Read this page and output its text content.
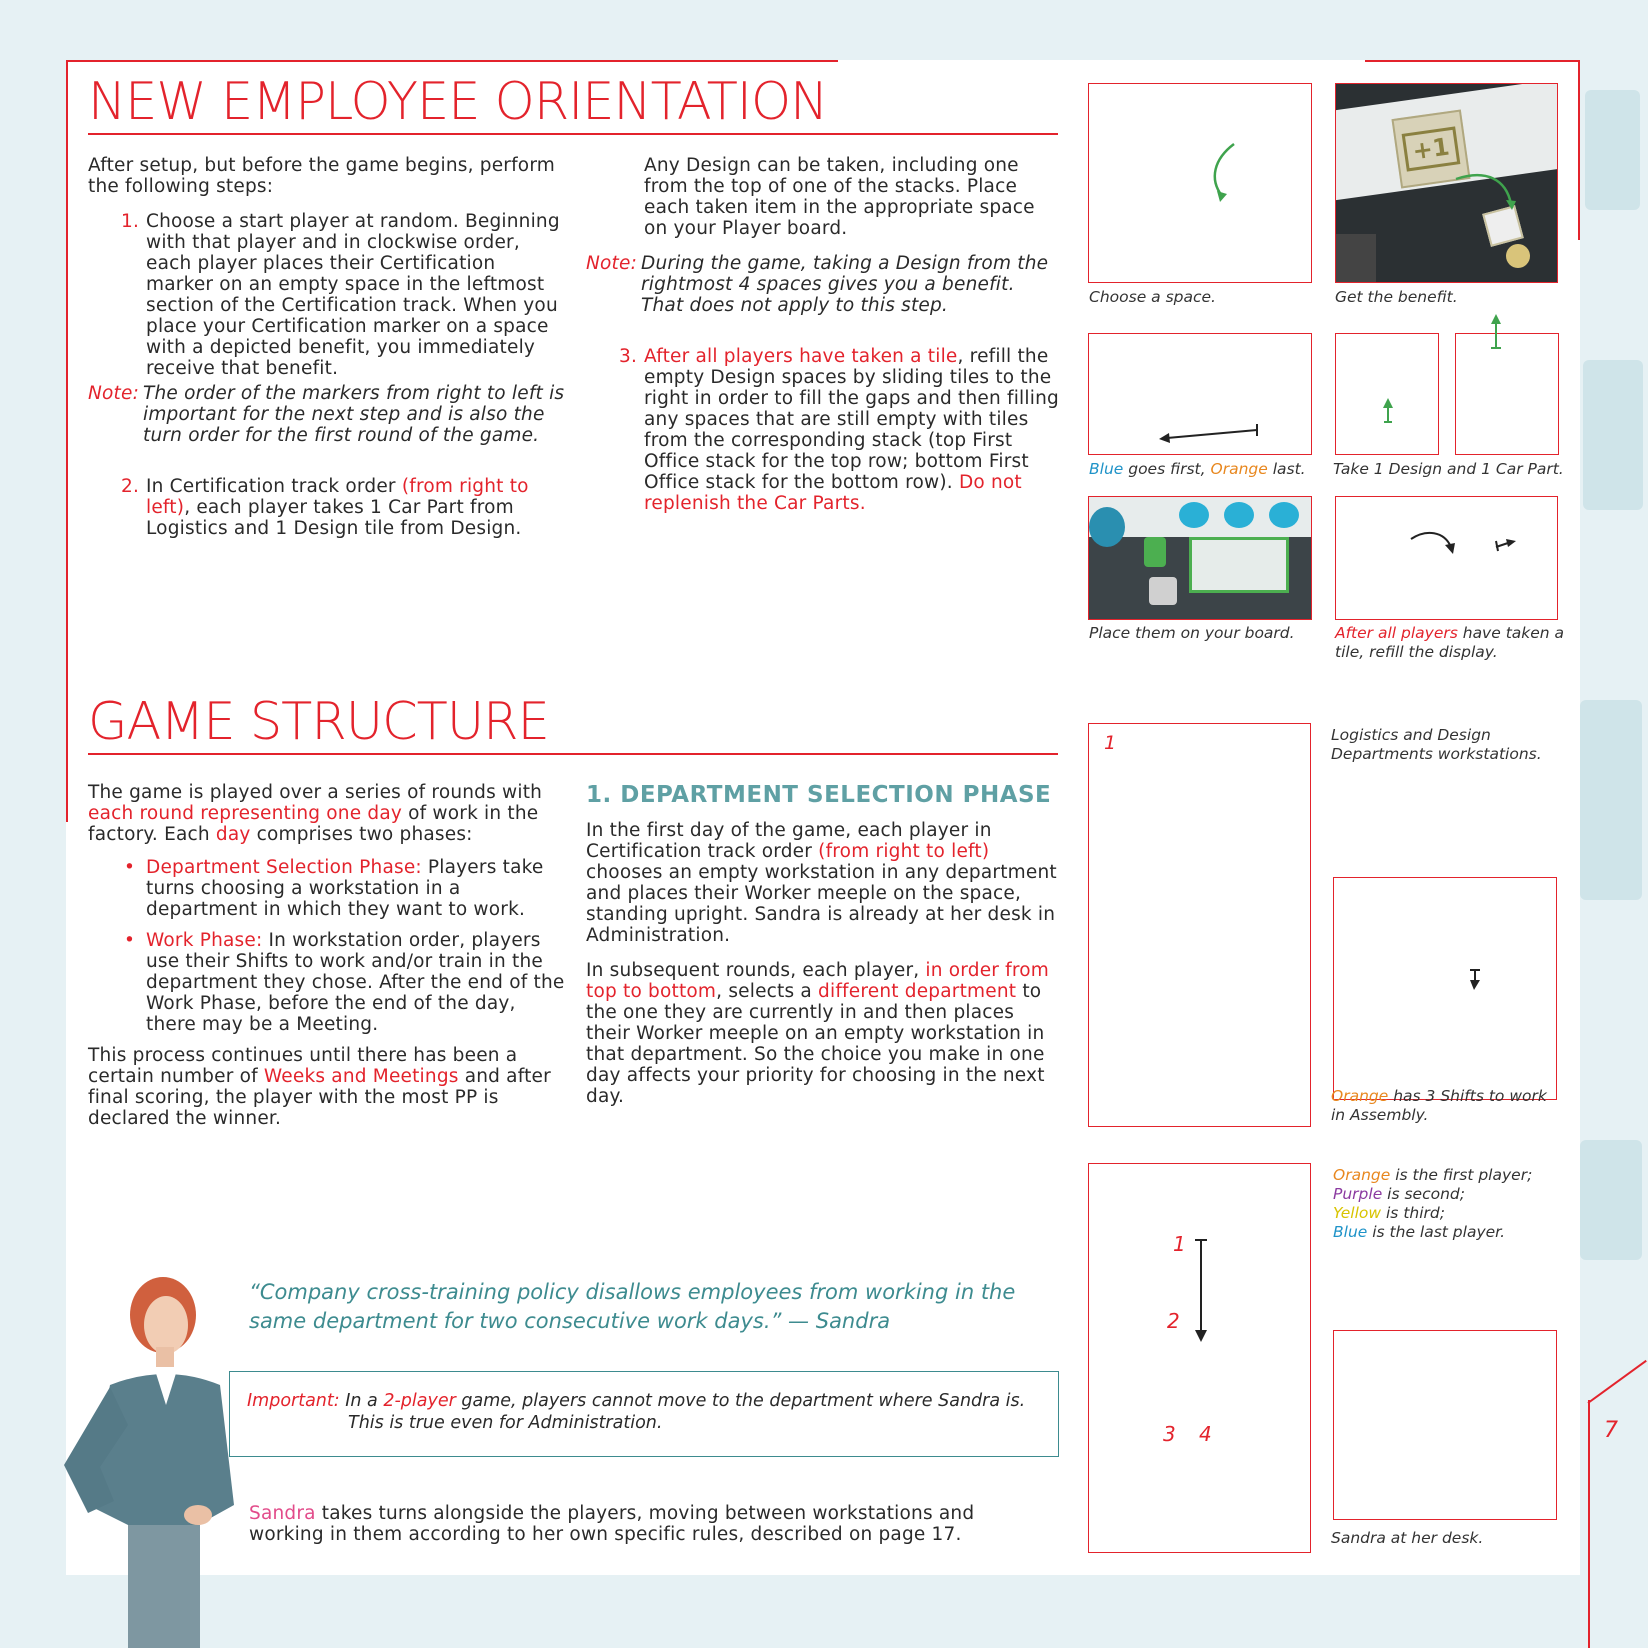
7
NEW EMPLOYEE ORIENTATION
After setup, but before the game begins, perform the following steps:
1. Choose a start player at random. Beginning with that player and in clockwise order, each player places their Certification marker on an empty space in the leftmost section of the Certification track. When you place your Certification marker on a space with a depicted benefit, you immediately receive that benefit.
Note: The order of the markers from right to left is important for the next step and is also the turn order for the first round of the game.
2. In Certification track order (from right to left), each player takes 1 Car Part from Logistics and 1 Design tile from Design.
Any Design can be taken, including one from the top of one of the stacks. Place each taken item in the appropriate space on your Player board.
Note: During the game, taking a Design from the rightmost 4 spaces gives you a benefit. That does not apply to this step.
3. After all players have taken a tile, refill the empty Design spaces by sliding tiles to the right in order to fill the gaps and then filling any spaces that are still empty with tiles from the corresponding stack (top First Office stack for the top row; bottom First Office stack for the bottom row). Do not replenish the Car Parts.
Choose a space.
+1
Get the benefit.
Blue goes first, Orange last. Take 1 Design and 1 Car Part.
Place them on your board.	After all players have taken a tile, refill the display.
GAME STRUCTURE
The game is played over a series of rounds with each round representing one day of work in the factory. Each day comprises two phases:
• Department Selection Phase: Players take turns choosing a workstation in a department in which they want to work.
• Work Phase: In workstation order, players use their Shifts to work and/or train in the department they chose. After the end of the Work Phase, before the end of the day, there may be a Meeting.
This process continues until there has been a certain number of Weeks and Meetings and after final scoring, the player with the most PP is declared the winner.
1. DEPARTMENT SELECTION PHASE
In the first day of the game, each player in Certification track order (from right to left) chooses an empty workstation in any department and places their Worker meeple on the space, standing upright. Sandra is already at her desk in Administration.
In subsequent rounds, each player, in order from top to bottom, selects a different department to the one they are currently in and then places their Worker meeple on an empty workstation in that department. So the choice you make in one day affects your priority for choosing in the next day.
1	Logistics and Design Departments workstations.
Orange has 3 Shifts to work in Assembly.
1
2
3 4
Orange is the first player;
Purple is second;
Yellow is third;
Blue is the last player.
Sandra at her desk.
“Company cross-training policy disallows employees from working in the same department for two consecutive work days.” — Sandra
Important: In a 2-player game, players cannot move to the department where Sandra is.
This is true even for Administration.
Sandra takes turns alongside the players, moving between workstations and working in them according to her own specific rules, described on page 17.
